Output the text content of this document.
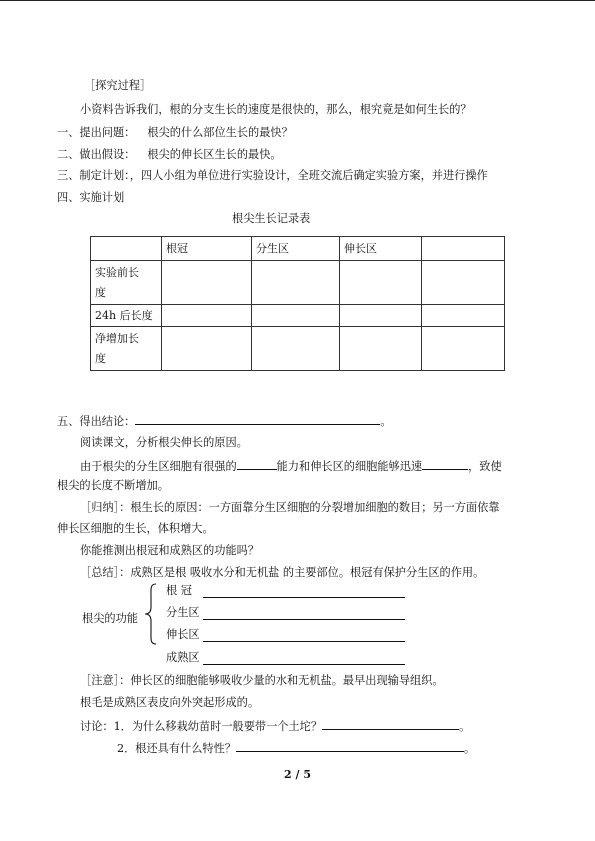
［探究过程］
小资料告诉我们，根的分支生长的速度是很快的，那么，根究竟是如何生长的？
一、提出问题： 根尖的什么部位生长的最快？
二、做出假设： 根尖的伸长区生长的最快。
三、制定计划：，四人小组为单位进行实验设计，全班交流后确定实验方案，并进行操作
四、实施计划
根尖生长记录表
	根冠	分生区	伸长区	

实验前长
度				

24h 后长度				

净增加长
度				

五、得出结论：	。
阅读课文，分析根尖伸长的原因。
由于根尖的分生区细胞有很强的	能力和伸长区的细胞能够迅速	，致使
根尖的长度不断增加。
［归纳］：根生长的原因：一方面靠分生区细胞的分裂增加细胞的数目；另一方面依靠
伸长区细胞的生长，体积增大。
你能推测出根冠和成熟区的功能吗？
［总结］：成熟区是根 吸收水分和无机盐 的主要部位。根冠有保护分生区的作用。
根尖的功能
根 冠
分生区
伸长区
成熟区
［注意］：伸长区的细胞能够吸收少量的水和无机盐。最早出现输导组织。
根毛是成熟区表皮向外突起形成的。
讨论：1．为什么移栽幼苗时一般要带一个土坨？	。
2．根还具有什么特性？	。
2 / 5
